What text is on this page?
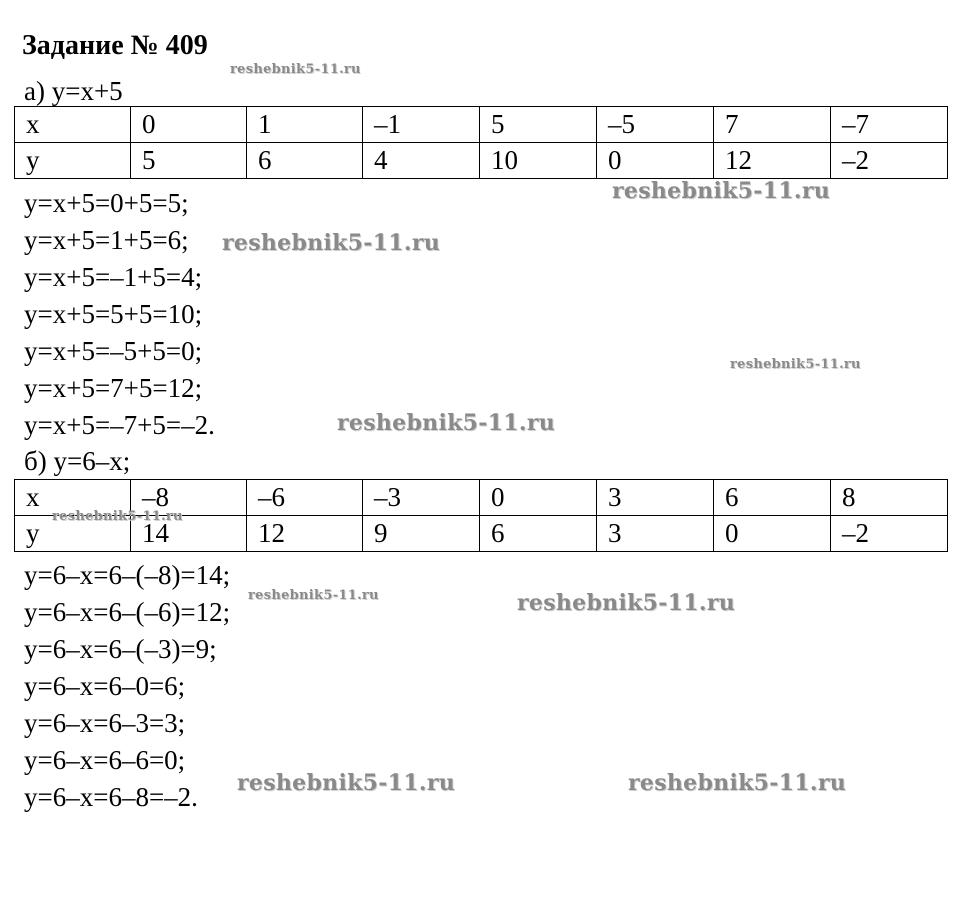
Задание № 409
а) y=x+5
x	0	1	–1	5	–5	7	–7
y	5	6	4	10	0	12	–2
y=x+5=0+5=5;
y=x+5=1+5=6;
y=x+5=–1+5=4;
y=x+5=5+5=10;
y=x+5=–5+5=0;
y=x+5=7+5=12;
y=x+5=–7+5=–2.
б) y=6–x;
x	–8	–6	–3	0	3	6	8
y	14	12	9	6	3	0	–2
y=6–x=6–(–8)=14;
y=6–x=6–(–6)=12;
y=6–x=6–(–3)=9;
y=6–x=6–0=6;
y=6–x=6–3=3;
y=6–x=6–6=0;
y=6–x=6–8=–2.
reshebnik5-11.ru
reshebnik5-11.ru
reshebnik5-11.ru
reshebnik5-11.ru
reshebnik5-11.ru
reshebnik5-11.ru
reshebnik5-11.ru	reshebnik5-11.ru
reshebnik5-11.ru	reshebnik5-11.ru
